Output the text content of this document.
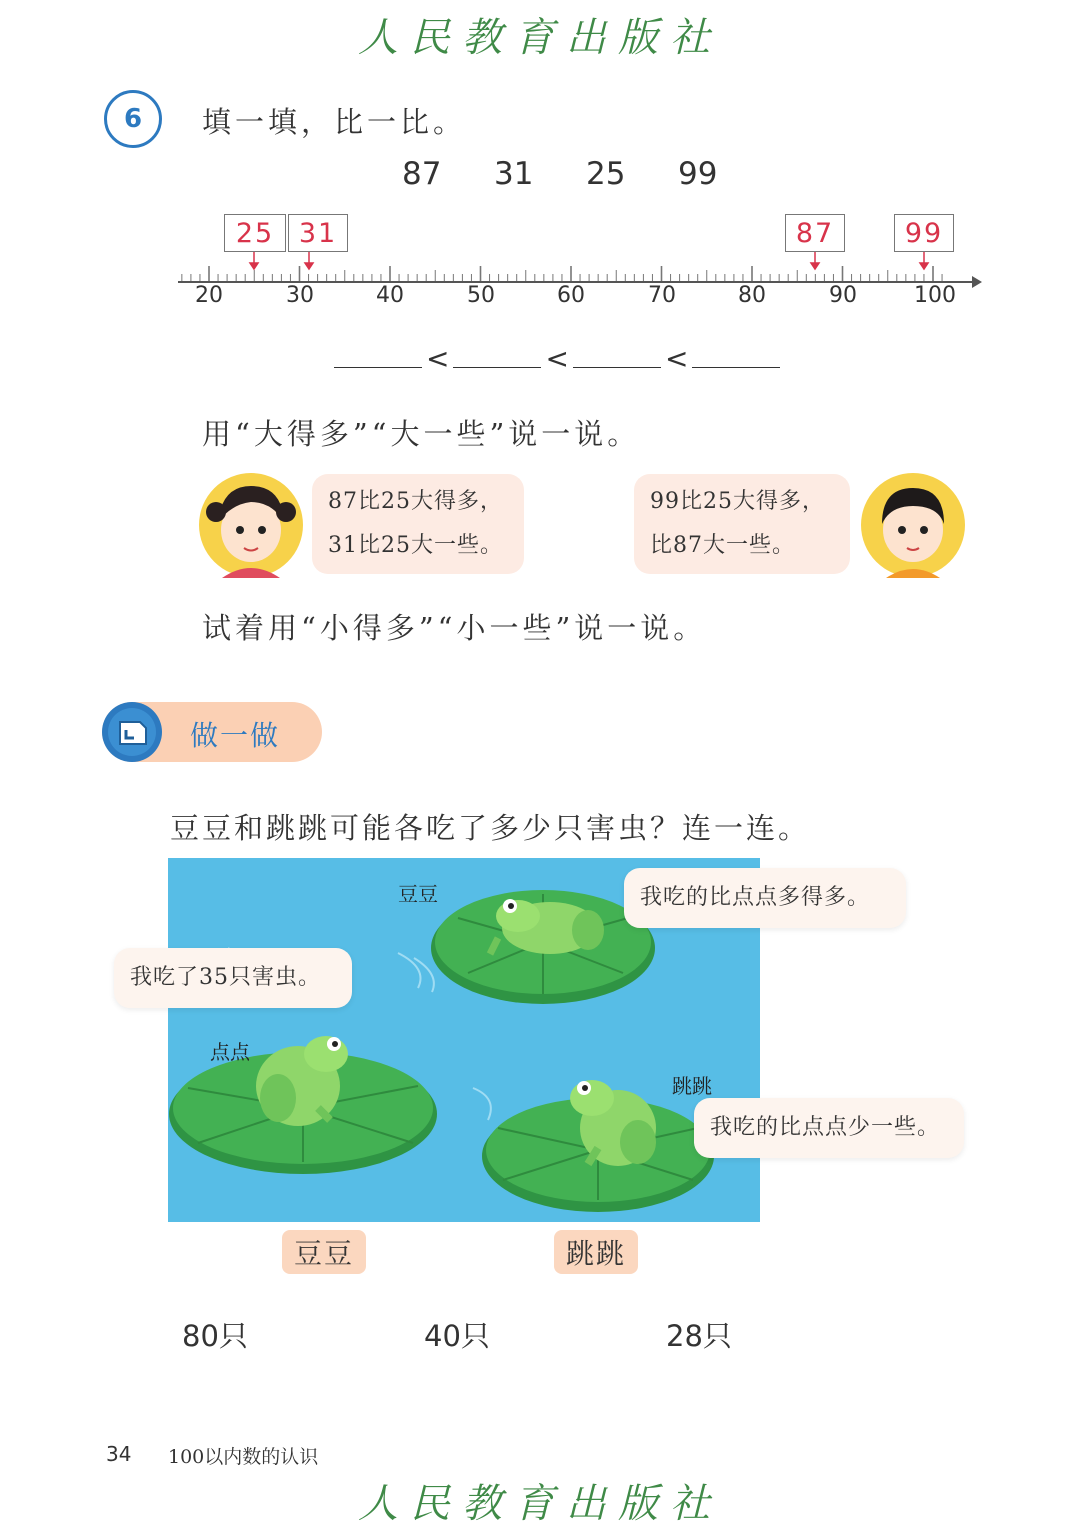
人民教育出版社
6	填一填，比一比。
87 31 25 99
25 31	87	99
20	30	40	50	60	70	80	90	100
<	<	<
用“大得多”“大一些”说一说。
87比25大得多，
31比25大一些。
99比25大得多，
比87大一些。
试着用“小得多”“小一些”说一说。
做一做
豆豆和跳跳可能各吃了多少只害虫？连一连。
豆豆
点点
跳跳
我吃的比点点多得多。
我吃了35只害虫。
我吃的比点点少一些。
豆豆	跳跳
80只	40只	28只
34 100以内数的认识
人民教育出版社
